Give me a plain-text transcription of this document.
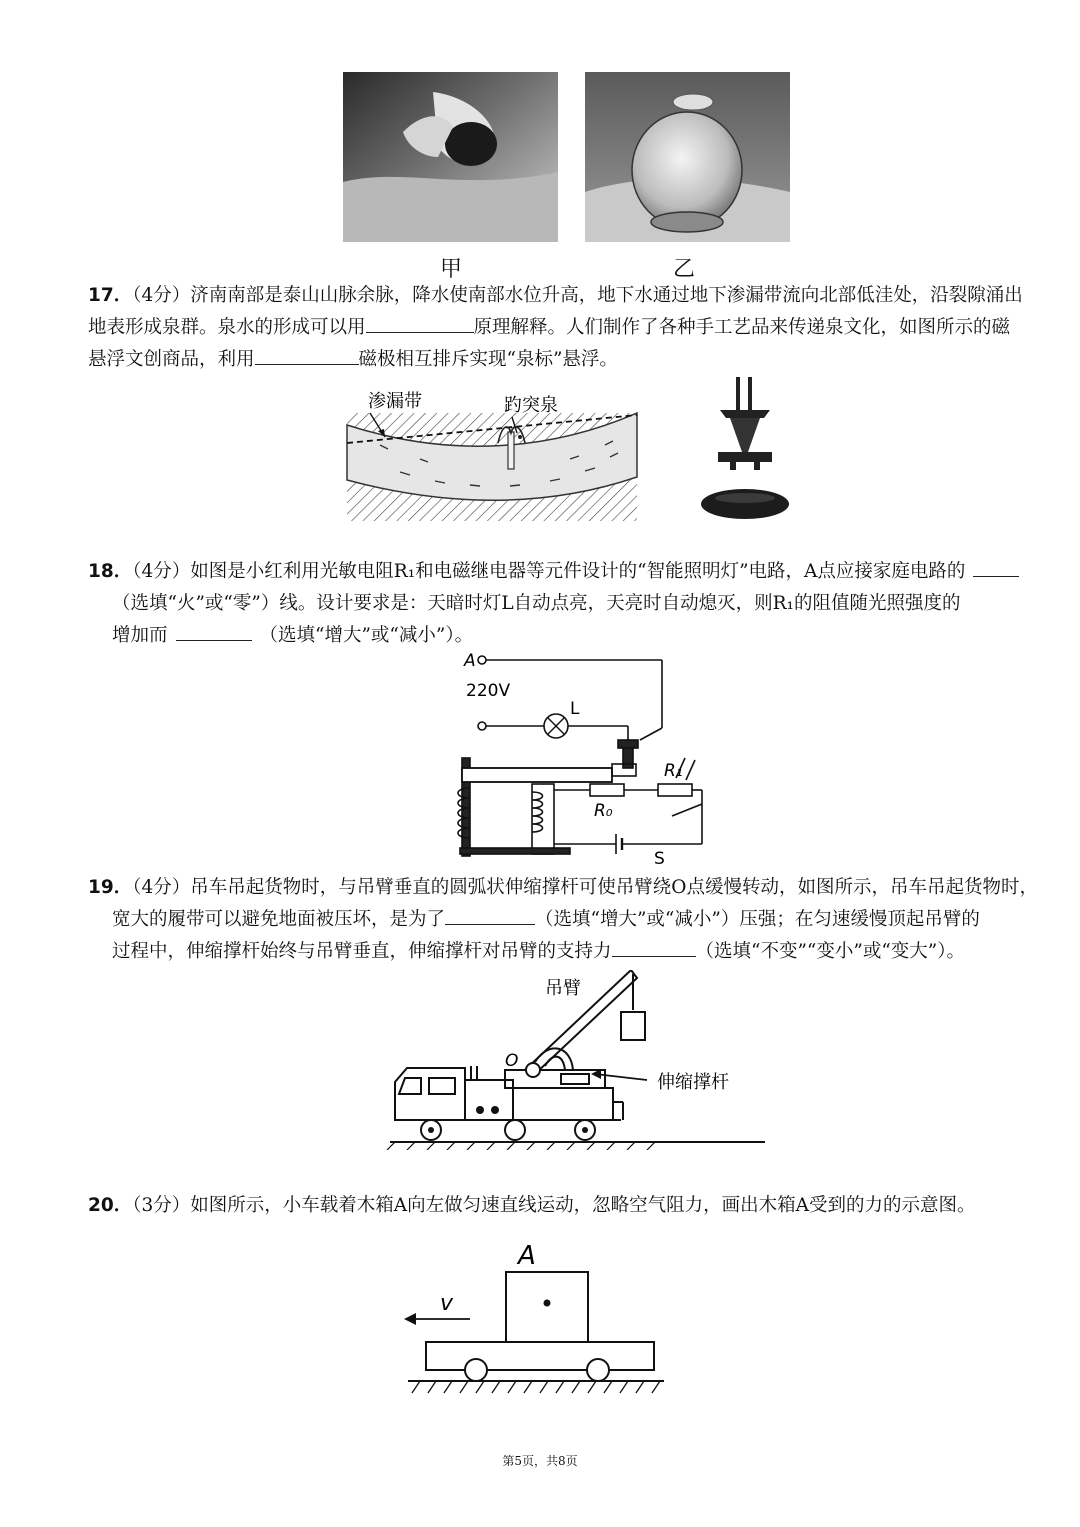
甲	乙
17．（4分）济南南部是泰山山脉余脉，降水使南部水位升高，地下水通过地下渗漏带流向北部低洼处，沿裂隙涌出
地表形成泉群。泉水的形成可以用	原理解释。人们制作了各种手工艺品来传递泉文化，如图所示的磁
悬浮文创商品，利用	磁极相互排斥实现“泉标”悬浮。
渗漏带	趵突泉
18．（4分）如图是小红利用光敏电阻R₁和电磁继电器等元件设计的“智能照明灯”电路，A点应接家庭电路的
（选填“火”或“零”）线。设计要求是：天暗时灯L自动点亮，天亮时自动熄灭，则R₁的阻值随光照强度的
增加而	（选填“增大”或“减小”）。
A
220V
L
R₀
R₁
S
19．（4分）吊车吊起货物时，与吊臂垂直的圆弧状伸缩撑杆可使吊臂绕O点缓慢转动，如图所示，吊车吊起货物时，
宽大的履带可以避免地面被压坏，是为了	（选填“增大”或“减小”）压强；在匀速缓慢顶起吊臂的
过程中，伸缩撑杆始终与吊臂垂直，伸缩撑杆对吊臂的支持力	（选填“不变”“变小”或“变大”）。
吊臂
O
伸缩撑杆
20．（3分）如图所示，小车载着木箱A向左做匀速直线运动，忽略空气阻力，画出木箱A受到的力的示意图。
A
v
第5页，共8页
